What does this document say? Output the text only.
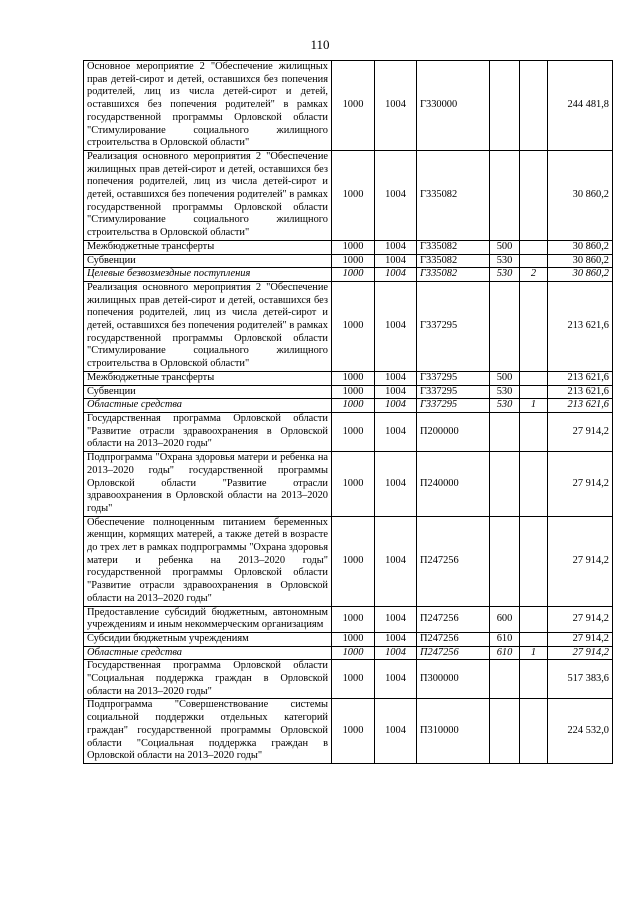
110
Основное мероприятие 2 "Обеспечение жилищных прав детей-сирот и детей, оставшихся без попечения родителей, лиц из числа детей-сирот и детей, оставшихся без попечения родителей" в рамках государственной программы Орловской области "Стимулирование социального жилищного строительства в Орловской области"	1000	1004	Г330000			244 481,8
Реализация основного мероприятия 2 "Обеспечение жилищных прав детей-сирот и детей, оставшихся без попечения родителей, лиц из числа детей-сирот и детей, оставшихся без попечения родителей" в рамках государственной программы Орловской области "Стимулирование социального жилищного строительства в Орловской области"	1000	1004	Г335082			30 860,2
Межбюджетные трансферты	1000	1004	Г335082	500		30 860,2
Субвенции	1000	1004	Г335082	530		30 860,2
Целевые безвозмездные поступления	1000	1004	Г335082	530	2	30 860,2
Реализация основного мероприятия 2 "Обеспечение жилищных прав детей-сирот и детей, оставшихся без попечения родителей, лиц из числа детей-сирот и детей, оставшихся без попечения родителей" в рамках государственной программы Орловской области "Стимулирование социального жилищного строительства в Орловской области"	1000	1004	Г337295			213 621,6
Межбюджетные трансферты	1000	1004	Г337295	500		213 621,6
Субвенции	1000	1004	Г337295	530		213 621,6
Областные средства	1000	1004	Г337295	530	1	213 621,6
Государственная программа Орловской области "Развитие отрасли здравоохранения в Орловской области на 2013–2020 годы"	1000	1004	П200000			27 914,2
Подпрограмма "Охрана здоровья матери и ребенка на 2013–2020 годы" государственной программы Орловской области "Развитие отрасли здравоохранения в Орловской области на 2013–2020 годы"	1000	1004	П240000			27 914,2
Обеспечение полноценным питанием беременных женщин, кормящих матерей, а также детей в возрасте до трех лет в рамках подпрограммы "Охрана здоровья матери и ребенка на 2013–2020 годы" государственной программы Орловской области "Развитие отрасли здравоохранения в Орловской области на 2013–2020 годы"	1000	1004	П247256			27 914,2
Предоставление субсидий бюджетным, автономным учреждениям и иным некоммерческим организациям	1000	1004	П247256	600		27 914,2
Субсидии бюджетным учреждениям	1000	1004	П247256	610		27 914,2
Областные средства	1000	1004	П247256	610	1	27 914,2
Государственная программа Орловской области "Социальная поддержка граждан в Орловской области на 2013–2020 годы"	1000	1004	П300000			517 383,6
Подпрограмма "Совершенствование системы социальной поддержки отдельных категорий граждан" государственной программы Орловской области "Социальная поддержка граждан в Орловской области на 2013–2020 годы"	1000	1004	П310000			224 532,0
